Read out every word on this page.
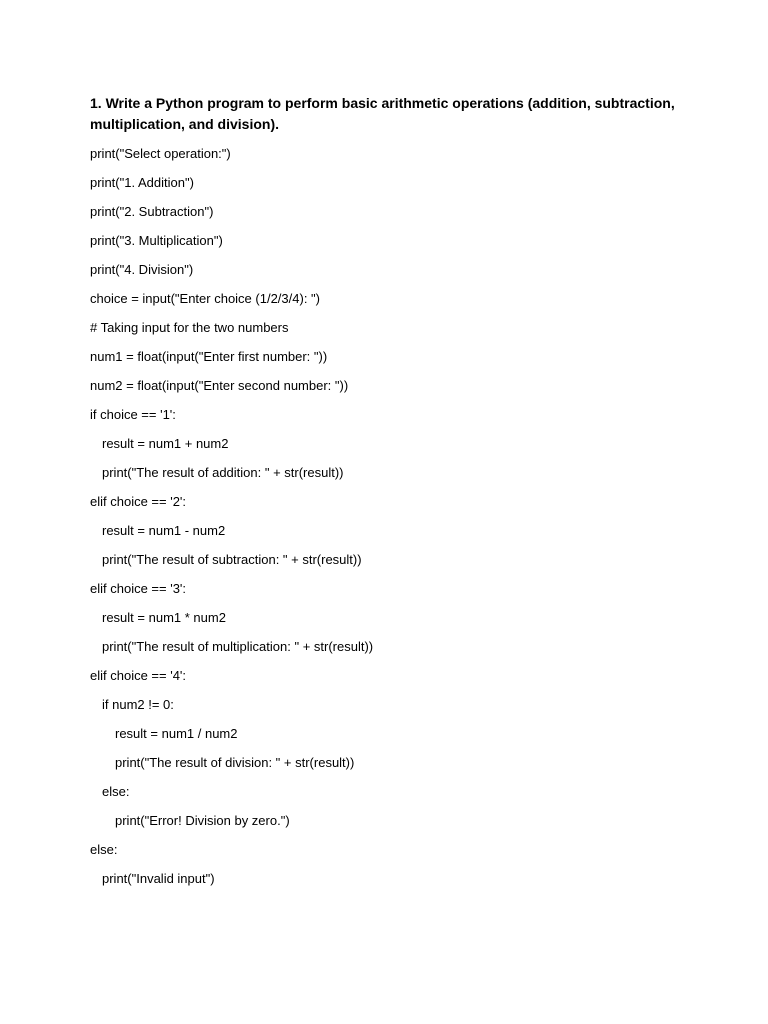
1. Write a Python program to perform basic arithmetic operations (addition, subtraction, multiplication, and division).

print("Select operation:")
print("1. Addition")
print("2. Subtraction")
print("3. Multiplication")
print("4. Division")
choice = input("Enter choice (1/2/3/4): ")
# Taking input for the two numbers
num1 = float(input("Enter first number: "))
num2 = float(input("Enter second number: "))
if choice == '1':
result = num1 + num2
print("The result of addition: " + str(result))
elif choice == '2':
result = num1 - num2
print("The result of subtraction: " + str(result))
elif choice == '3':
result = num1 * num2
print("The result of multiplication: " + str(result))
elif choice == '4':
if num2 != 0:
result = num1 / num2
print("The result of division: " + str(result))
else:
print("Error! Division by zero.")
else:
print("Invalid input")
